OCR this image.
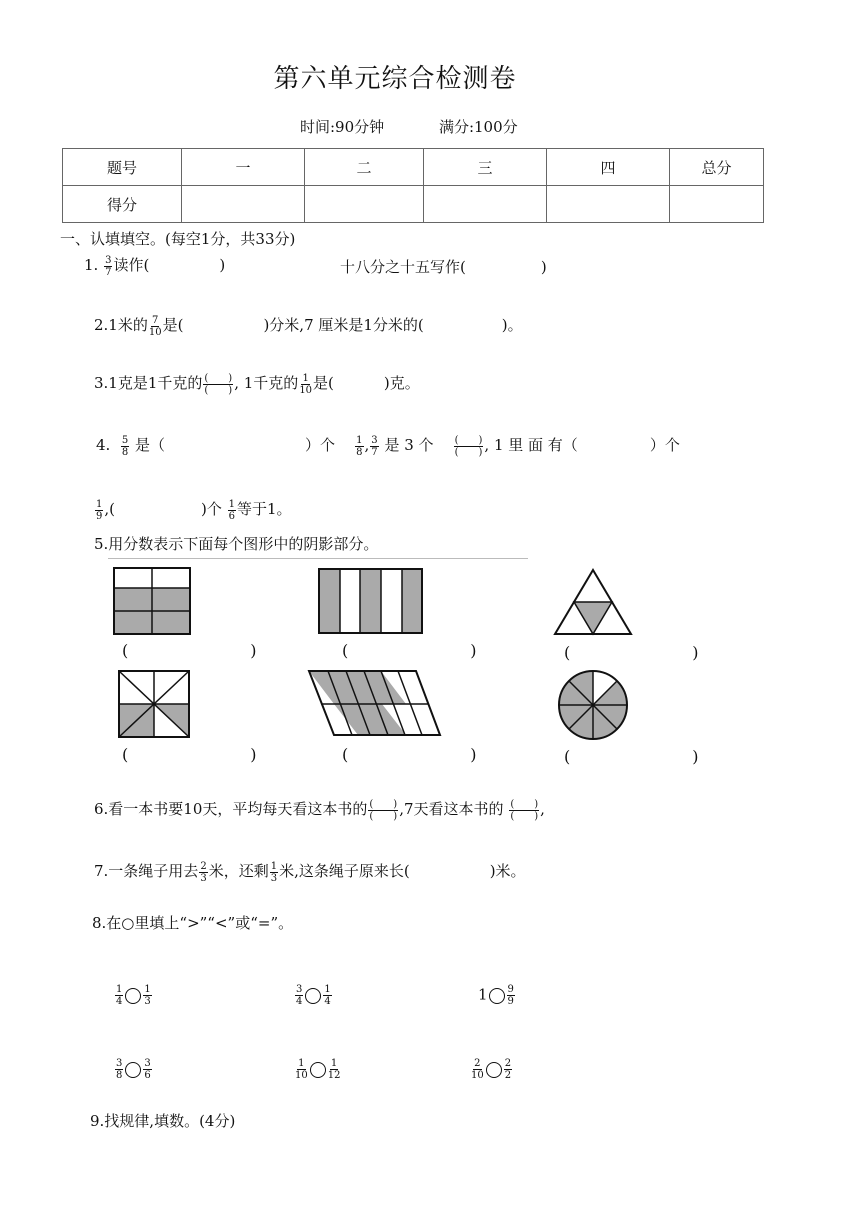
第六单元综合检测卷
时间:90分钟	满分:100分
题号	一	二	三	四	总分
得分					
一、认填填空。(每空1分，共33分)
1. $\frac{3}{7}$ 读作(	)	十八分之十五写作(	)
2.1米的 $\frac{7}{10}$ 是(	)分米,7 厘米是1分米的(	)。
3.1克是1千克的 $\frac{( )}{( )}$ , 1千克的 $\frac{1}{10}$ 是(	)克。
4. $\frac{5}{8}$ 是（	）个 $\frac{1}{8}$ , $\frac{3}{7}$ 是 3 个 $\frac{( )}{( )}$ , 1 里 面 有（	）个
$\frac{1}{9}$ ,(	)个 $\frac{1}{6}$ 等于1。
5.用分数表示下面每个图形中的阴影部分。
(　　)	(　　)	(　　)
(　　)	(　　)	(　　)
6.看一本书要10天，平均每天看这本书的 $\frac{( )}{( )} ,7$天看这本书的 $\frac{( )}{( )}$ ,
7.一条绳子用去 $\frac{2}{3}$ 米，还剩 $\frac{1}{3}$ 米,这条绳子原来长(	)米。
8.在○里填上“>”“<”或“=”。
$\frac{1}{4} \frac{1}{3}$	$\frac{3}{4} \frac{1}{4}$	$1 \frac{9}{9}$
$\frac{3}{8} \frac{3}{6}$	$\frac{1}{10} \frac{1}{12}$	$\frac{2}{10} \frac{2}{2}$
9.找规律,填数。(4分)
